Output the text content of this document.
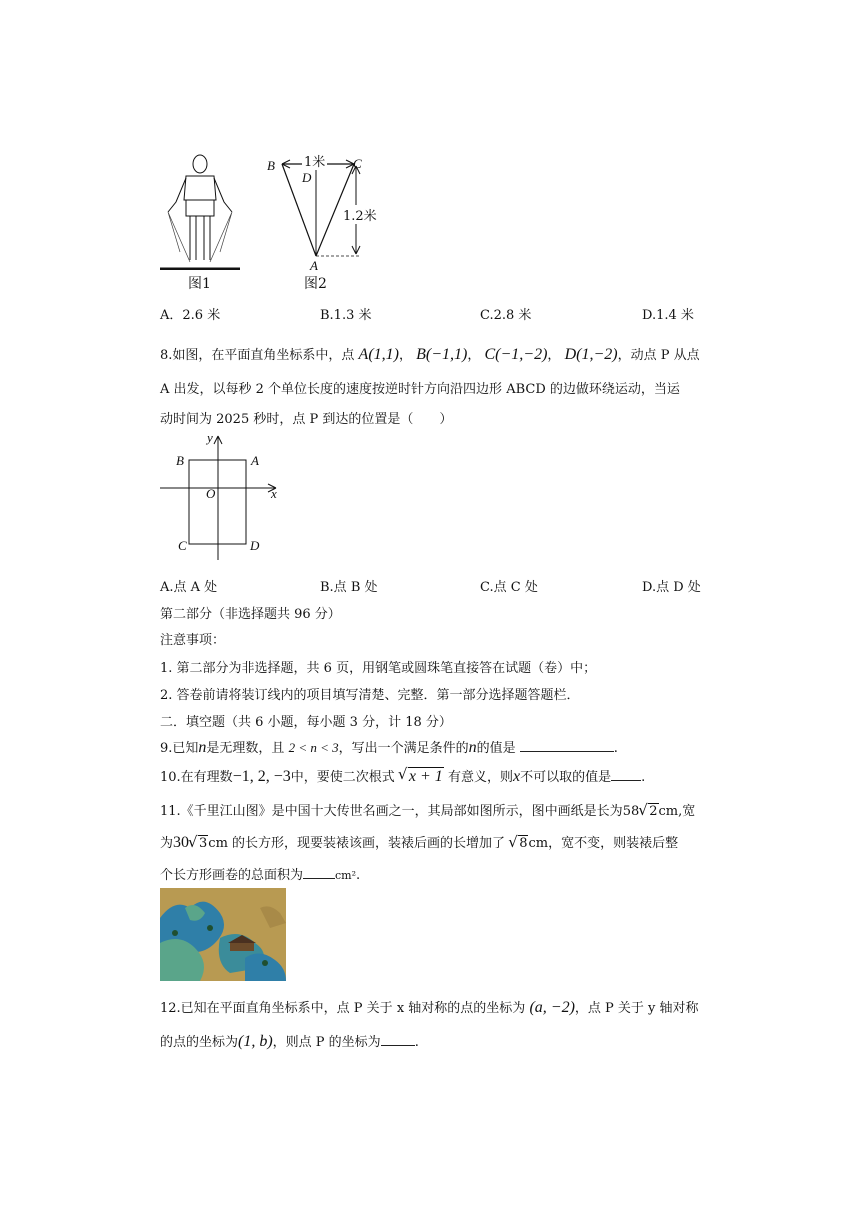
图1
B 1米 C
D
1.2米
A
图2
A．2.6 米	B.1.3 米	C.2.8 米	D.1.4 米
8.如图，在平面直角坐标系中，点 A(1,1)， B(−1,1)， C(−1,−2)， D(1,−2)，动点 P 从点
A 出发，以每秒 2 个单位长度的速度按逆时针方向沿四边形 ABCD 的边做环绕运动，当运
动时间为 2025 秒时，点 P 到达的位置是（　　）
y
B	A
O	x
C	D
A.点 A 处	B.点 B 处	C.点 C 处	D.点 D 处
第二部分（非选择题共 96 分）
注意事项：
1. 第二部分为非选择题，共 6 页，用钢笔或圆珠笔直接答在试题（卷）中；
2. 答卷前请将装订线内的项目填写清楚、完整．第一部分选择题答题栏．
二．填空题（共 6 小题，每小题 3 分，计 18 分）
9.已知n是无理数，且 2 < n < 3，写出一个满足条件的n的值是	.
10.在有理数−1, 2, −3中，要使二次根式 √ x + 1 有意义，则x不可以取的值是 .
11.《千里江山图》是中国十大传世名画之一，其局部如图所示，图中画纸是长为58 √ 2cm,宽
为30 √ 3cm 的长方形，现要装裱该画，装裱后画的长增加了 √ 8cm，宽不变，则装裱后整
个长方形画卷的总面积为	cm².
12.已知在平面直角坐标系中，点 P 关于 x 轴对称的点的坐标为 (a, −2)，点 P 关于 y 轴对称
的点的坐标为(1, b)，则点 P 的坐标为	.
